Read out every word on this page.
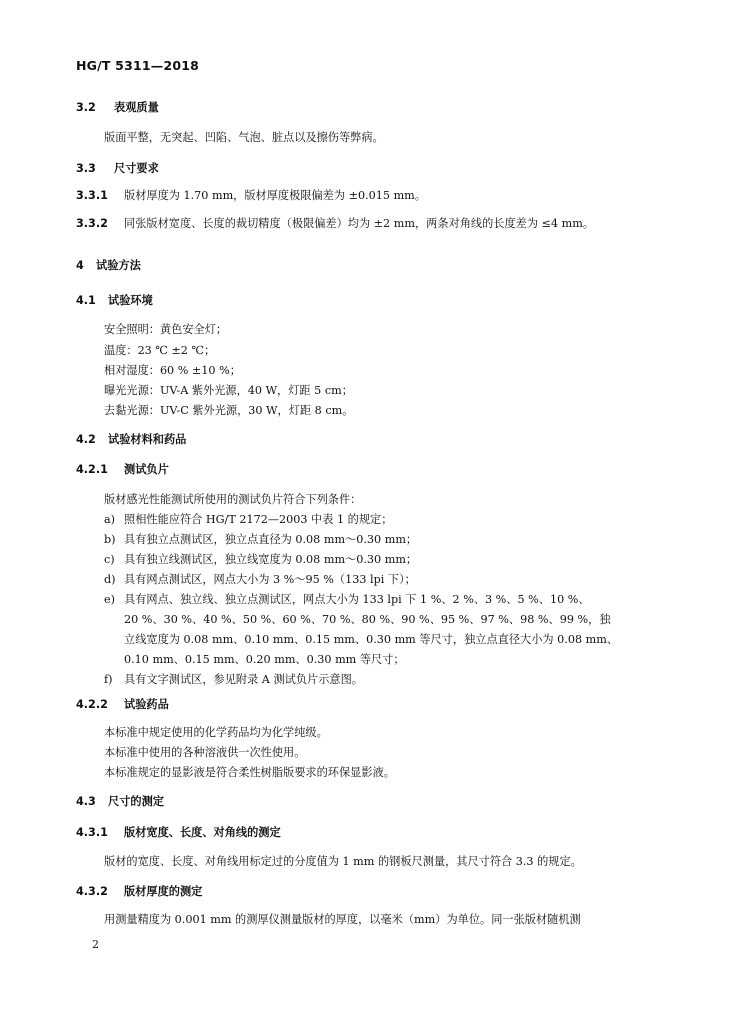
HG/T 5311—2018
3.2 表观质量
版面平整，无突起、凹陷、气泡、脏点以及擦伤等弊病。
3.3 尺寸要求
3.3.1 版材厚度为 1.70 mm，版材厚度极限偏差为 ±0.015 mm。
3.3.2 同张版材宽度、长度的裁切精度（极限偏差）均为 ±2 mm，两条对角线的长度差为 ≤4 mm。
4 试验方法
4.1 试验环境
安全照明：黄色安全灯；
温度：23 ℃ ±2 ℃；
相对湿度：60 % ±10 %；
曝光光源：UV-A 紫外光源，40 W，灯距 5 cm；
去黏光源：UV-C 紫外光源，30 W，灯距 8 cm。
4.2 试验材料和药品
4.2.1 测试负片
版材感光性能测试所使用的测试负片符合下列条件：
a) 照相性能应符合 HG/T 2172—2003 中表 1 的规定；
b) 具有独立点测试区，独立点直径为 0.08 mm～0.30 mm；
c) 具有独立线测试区，独立线宽度为 0.08 mm～0.30 mm；
d) 具有网点测试区，网点大小为 3 %～95 %（133 lpi 下）；
e) 具有网点、独立线、独立点测试区，网点大小为 133 lpi 下 1 %、2 %、3 %、5 %、10 %、
20 %、30 %、40 %、50 %、60 %、70 %、80 %、90 %、95 %、97 %、98 %、99 %，独
立线宽度为 0.08 mm、0.10 mm、0.15 mm、0.30 mm 等尺寸，独立点直径大小为 0.08 mm、
0.10 mm、0.15 mm、0.20 mm、0.30 mm 等尺寸；
f) 具有文字测试区，参见附录 A 测试负片示意图。
4.2.2 试验药品
本标准中规定使用的化学药品均为化学纯级。
本标准中使用的各种溶液供一次性使用。
本标准规定的显影液是符合柔性树脂版要求的环保显影液。
4.3 尺寸的测定
4.3.1 版材宽度、长度、对角线的测定
版材的宽度、长度、对角线用标定过的分度值为 1 mm 的钢板尺测量，其尺寸符合 3.3 的规定。
4.3.2 版材厚度的测定
用测量精度为 0.001 mm 的测厚仪测量版材的厚度，以毫米（mm）为单位。同一张版材随机测
2
